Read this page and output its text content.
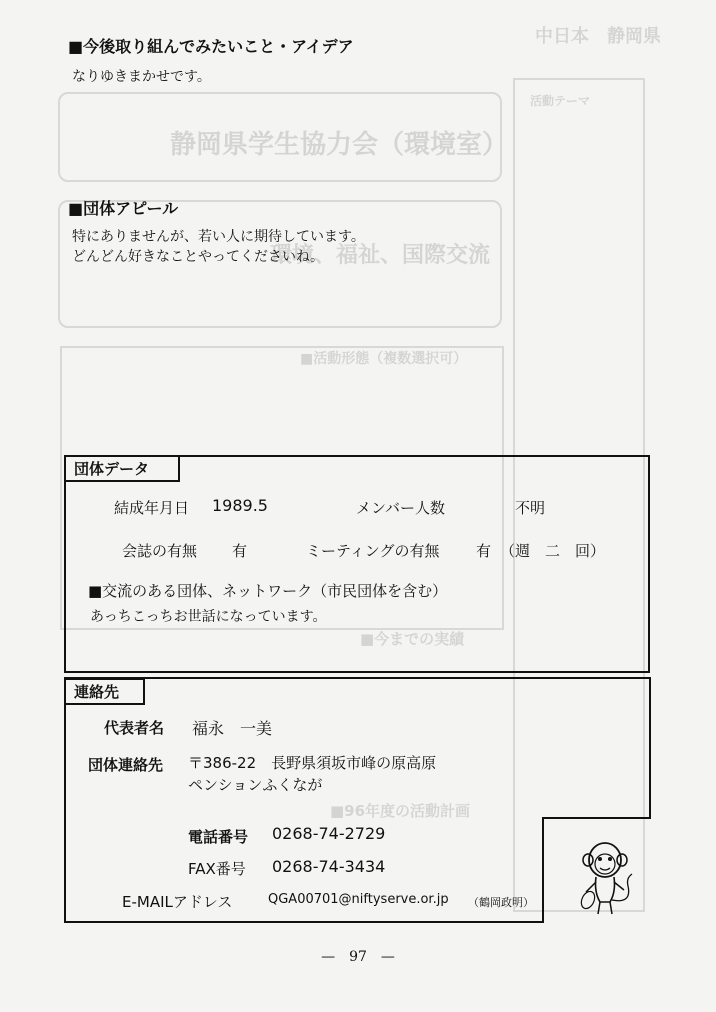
中日本　静岡県
静岡県学生協力会（環境室）
環境、福祉、国際交流
■活動形態（複数選択可）
活動テーマ
■今までの実績
■96年度の活動計画
■今後取り組んでみたいこと・アイデア
なりゆきまかせです。
■団体アピール
特にありませんが、若い人に期待しています。
どんどん好きなことやってくださいね。
団体データ
結成年月日 1989.5	メンバー人数	不明
会誌の有無 有	ミーティングの有無 有 （週　二　回）
■交流のある団体、ネットワーク（市民団体を含む）
あっちこっちお世話になっています。
連絡先
代表者名 福永　一美
団体連絡先 〒386-22　長野県須坂市峰の原高原
ペンションふくなが
電話番号 0268-74-2729
FAX番号 0268-74-3434
E-MAILアドレス	QGA00701@niftyserve.or.jp （鶴岡政明）
—　97　—
